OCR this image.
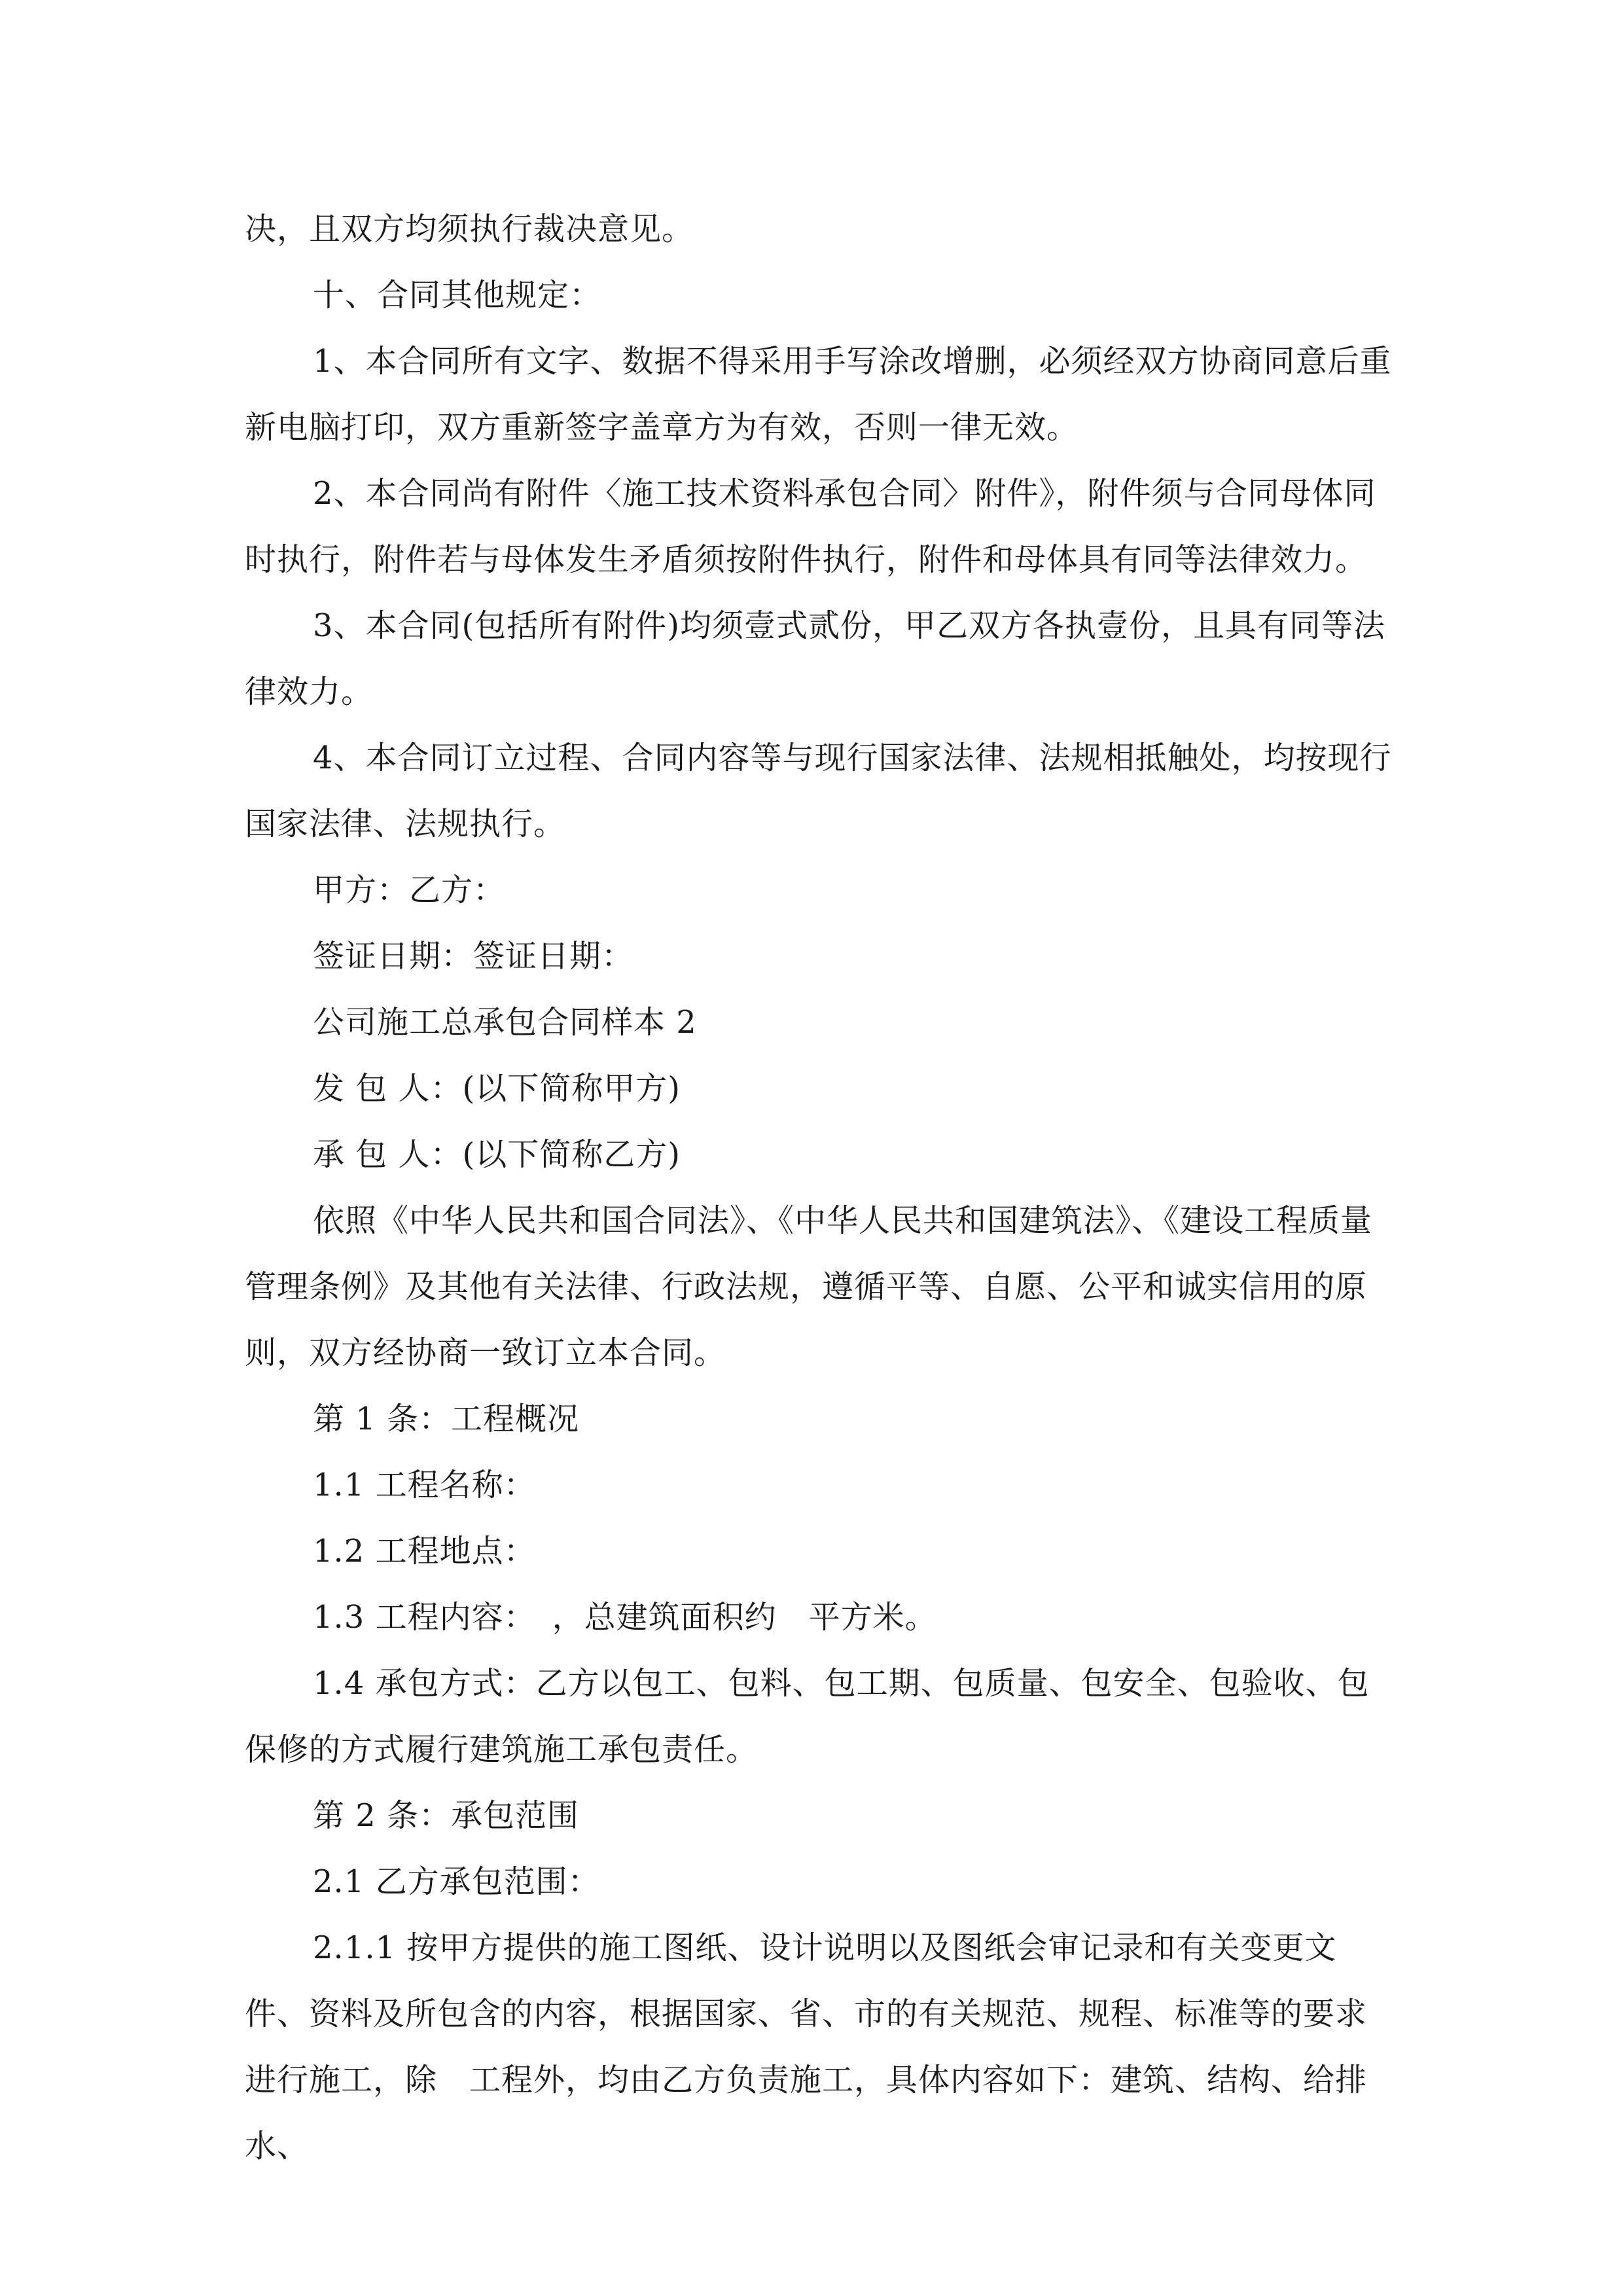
决，且双方均须执行裁决意见。

十、合同其他规定：

1、本合同所有文字、数据不得采用手写涂改增删，必须经双方协商同意后重新电脑打印，双方重新签字盖章方为有效，否则一律无效。

2、本合同尚有附件〈施工技术资料承包合同〉附件》，附件须与合同母体同时执行，附件若与母体发生矛盾须按附件执行，附件和母体具有同等法律效力。

3、本合同(包括所有附件)均须壹式贰份，甲乙双方各执壹份，且具有同等法律效力。

4、本合同订立过程、合同内容等与现行国家法律、法规相抵触处，均按现行国家法律、法规执行。

甲方：乙方：

签证日期：签证日期：

公司施工总承包合同样本 2

发 包 人：(以下简称甲方)

承 包 人：(以下简称乙方)

依照《中华人民共和国合同法》、《中华人民共和国建筑法》、《建设工程质量管理条例》及其他有关法律、行政法规，遵循平等、自愿、公平和诚实信用的原则，双方经协商一致订立本合同。

第 1 条：工程概况

1.1 工程名称：

1.2 工程地点：

1.3 工程内容：　，总建筑面积约　平方米。

1.4 承包方式：乙方以包工、包料、包工期、包质量、包安全、包验收、包保修的方式履行建筑施工承包责任。

第 2 条：承包范围

2.1 乙方承包范围：

2.1.1 按甲方提供的施工图纸、设计说明以及图纸会审记录和有关变更文件、资料及所包含的内容，根据国家、省、市的有关规范、规程、标准等的要求进行施工，除　工程外，均由乙方负责施工，具体内容如下：建筑、结构、给排水、
